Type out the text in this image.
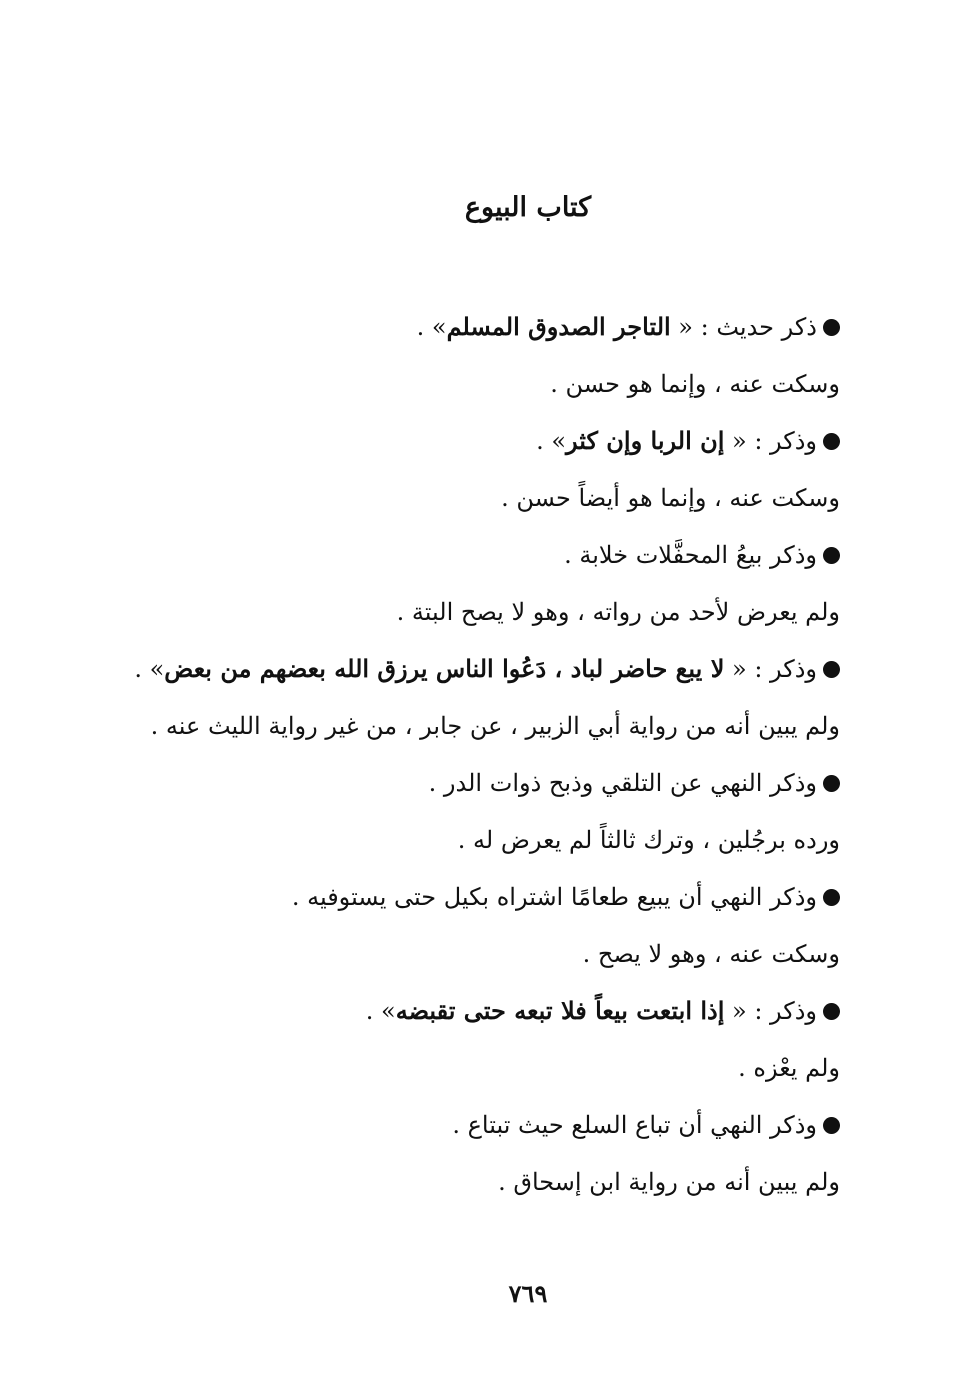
كتاب البيوع
ذكر حديث : « التاجر الصدوق المسلم» .
وسكت عنه ، وإنما هو حسن .
وذكر : « إن الربا وإن كثر» .
وسكت عنه ، وإنما هو أيضاً حسن .
وذكر بيعُ المحفَّلات خلابة .
ولم يعرض لأحد من رواته ، وهو لا يصح البتة .
وذكر : « لا يبع حاضر لباد ، دَعُوا الناس يرزق الله بعضهم من بعض» .
ولم يبين أنه من رواية أبي الزبير ، عن جابر ، من غير رواية الليث عنه .
وذكر النهي عن التلقي وذبح ذوات الدر .
ورده برجُلين ، وترك ثالثاً لم يعرض له .
وذكر النهي أن يبيع طعامًا اشتراه بكيل حتى يستوفيه .
وسكت عنه ، وهو لا يصح .
وذكر : « إذا ابتعت بيعاً فلا تبعه حتى تقبضه» .
ولم يعْزه .
وذكر النهي أن تباع السلع حيث تبتاع .
ولم يبين أنه من رواية ابن إسحاق .
٧٦٩
